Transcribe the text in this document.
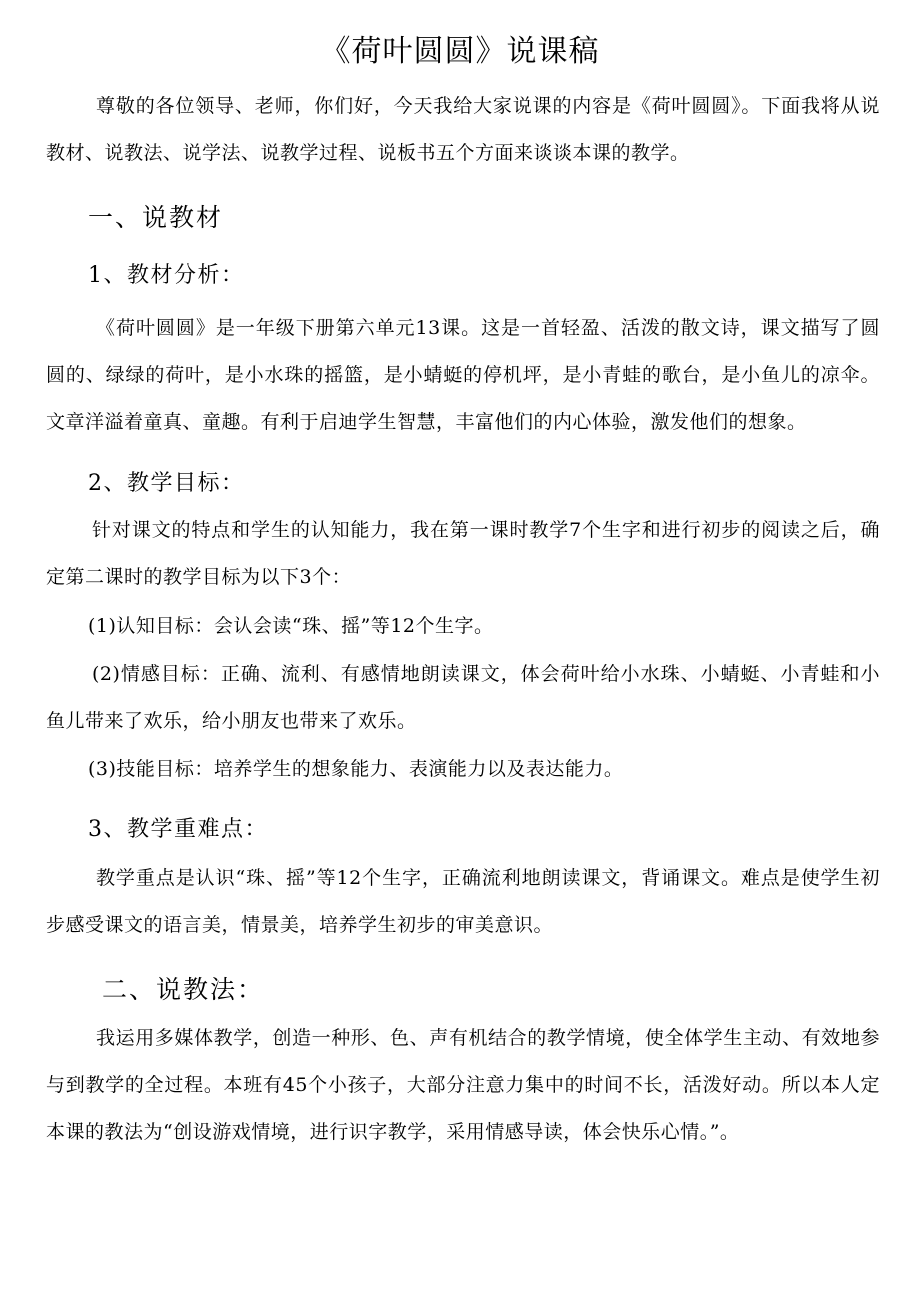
《荷叶圆圆》说课稿
尊敬的各位领导、老师，你们好，今天我给大家说课的内容是《荷叶圆圆》。下面我将从说教材、说教法、说学法、说教学过程、说板书五个方面来谈谈本课的教学。
一、说教材
1、教材分析：
《荷叶圆圆》是一年级下册第六单元13课。这是一首轻盈、活泼的散文诗，课文描写了圆圆的、绿绿的荷叶，是小水珠的摇篮，是小蜻蜓的停机坪，是小青蛙的歌台，是小鱼儿的凉伞。文章洋溢着童真、童趣。有利于启迪学生智慧，丰富他们的内心体验，激发他们的想象。
2、教学目标：
针对课文的特点和学生的认知能力，我在第一课时教学7个生字和进行初步的阅读之后，确定第二课时的教学目标为以下3个：
(1)认知目标：会认会读“珠、摇”等12个生字。
(2)情感目标：正确、流利、有感情地朗读课文，体会荷叶给小水珠、小蜻蜓、小青蛙和小鱼儿带来了欢乐，给小朋友也带来了欢乐。
(3)技能目标：培养学生的想象能力、表演能力以及表达能力。
3、教学重难点：
教学重点是认识“珠、摇”等12个生字，正确流利地朗读课文，背诵课文。难点是使学生初步感受课文的语言美，情景美，培养学生初步的审美意识。
二、说教法：
我运用多媒体教学，创造一种形、色、声有机结合的教学情境，使全体学生主动、有效地参与到教学的全过程。本班有45个小孩子，大部分注意力集中的时间不长，活泼好动。所以本人定本课的教法为“创设游戏情境，进行识字教学，采用情感导读，体会快乐心情。”。
